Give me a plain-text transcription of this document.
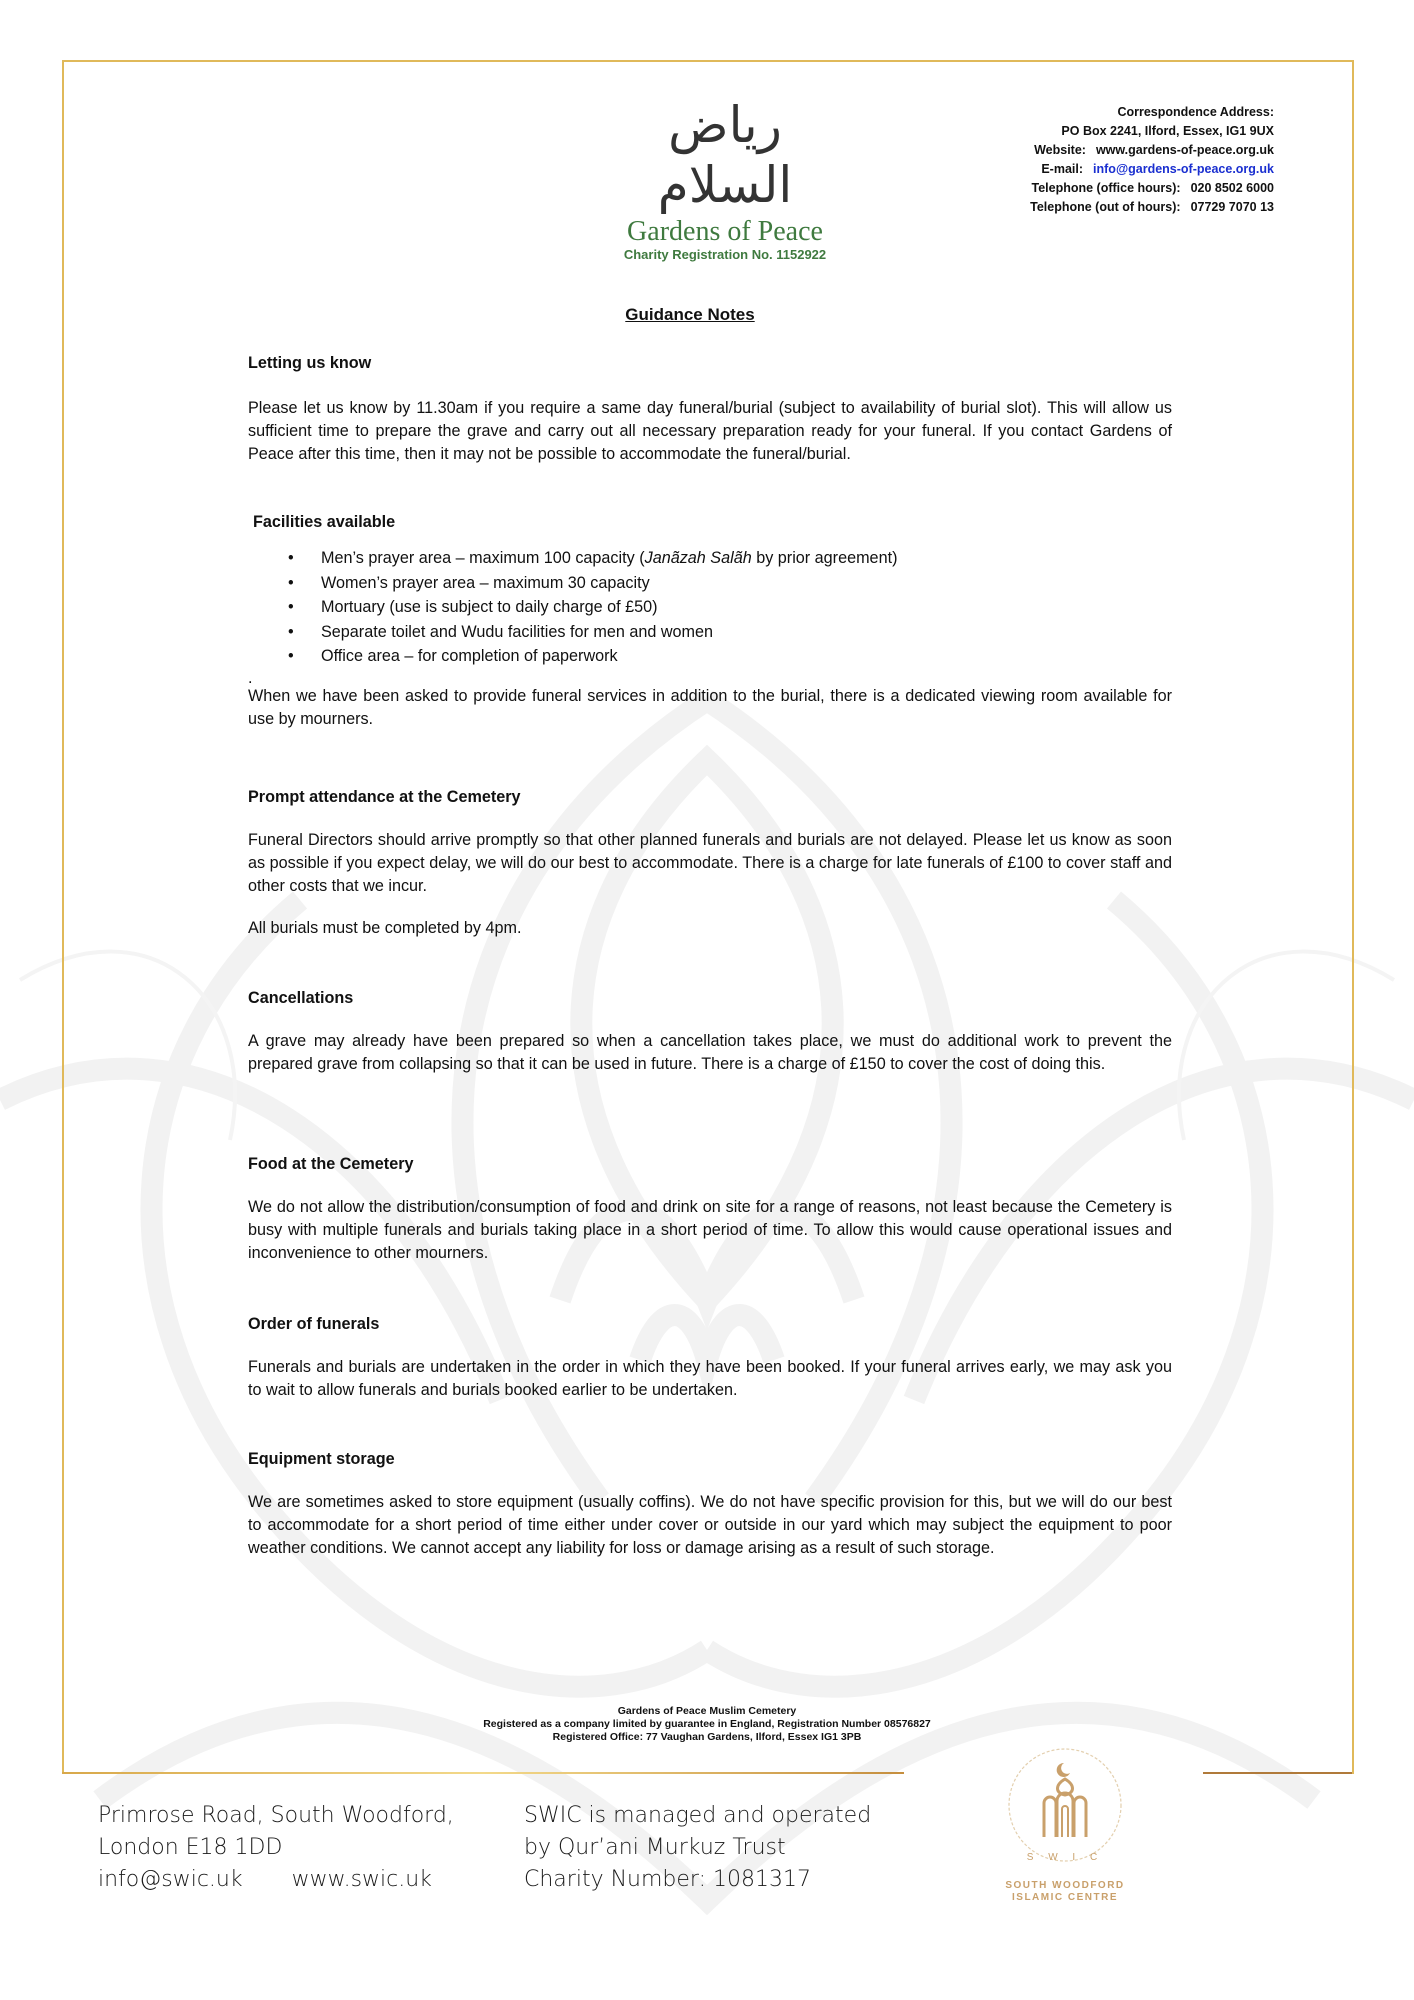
رياض السلام
Gardens of Peace
Charity Registration No. 1152922
Correspondence Address:
PO Box 2241, Ilford, Essex, IG1 9UX
Website: www.gardens-of-peace.org.uk
E-mail: info@gardens-of-peace.org.uk
Telephone (office hours): 020 8502 6000
Telephone (out of hours): 07729 7070 13
Guidance Notes
Letting us know

Please let us know by 11.30am if you require a same day funeral/burial (subject to availability of burial slot). This will allow us sufficient time to prepare the grave and carry out all necessary preparation ready for your funeral. If you contact Gardens of Peace after this time, then it may not be possible to accommodate the funeral/burial.

Facilities available
• Men’s prayer area – maximum 100 capacity (Janãzah Salãh by prior agreement)
• Women’s prayer area – maximum 30 capacity
• Mortuary (use is subject to daily charge of £50)
• Separate toilet and Wudu facilities for men and women
• Office area – for completion of paperwork
.

When we have been asked to provide funeral services in addition to the burial, there is a dedicated viewing room available for use by mourners.

Prompt attendance at the Cemetery

Funeral Directors should arrive promptly so that other planned funerals and burials are not delayed. Please let us know as soon as possible if you expect delay, we will do our best to accommodate. There is a charge for late funerals of £100 to cover staff and other costs that we incur.

All burials must be completed by 4pm.

Cancellations

A grave may already have been prepared so when a cancellation takes place, we must do additional work to prevent the prepared grave from collapsing so that it can be used in future. There is a charge of £150 to cover the cost of doing this.

Food at the Cemetery

We do not allow the distribution/consumption of food and drink on site for a range of reasons, not least because the Cemetery is busy with multiple funerals and burials taking place in a short period of time. To allow this would cause operational issues and inconvenience to other mourners.

Order of funerals

Funerals and burials are undertaken in the order in which they have been booked. If your funeral arrives early, we may ask you to wait to allow funerals and burials booked earlier to be undertaken.

Equipment storage

We are sometimes asked to store equipment (usually coffins). We do not have specific provision for this, but we will do our best to accommodate for a short period of time either under cover or outside in our yard which may subject the equipment to poor weather conditions. We cannot accept any liability for loss or damage arising as a result of such storage.

Gardens of Peace Muslim Cemetery
Registered as a company limited by guarantee in England, Registration Number 08576827
Registered Office: 77 Vaughan Gardens, Ilford, Essex IG1 3PB
Primrose Road, South Woodford,
London E18 1DD
info@swic.uk www.swic.uk
SWIC is managed and operated
by Qur’ani Murkuz Trust
Charity Number: 1081317
S W I C
SOUTH WOODFORD
ISLAMIC CENTRE
